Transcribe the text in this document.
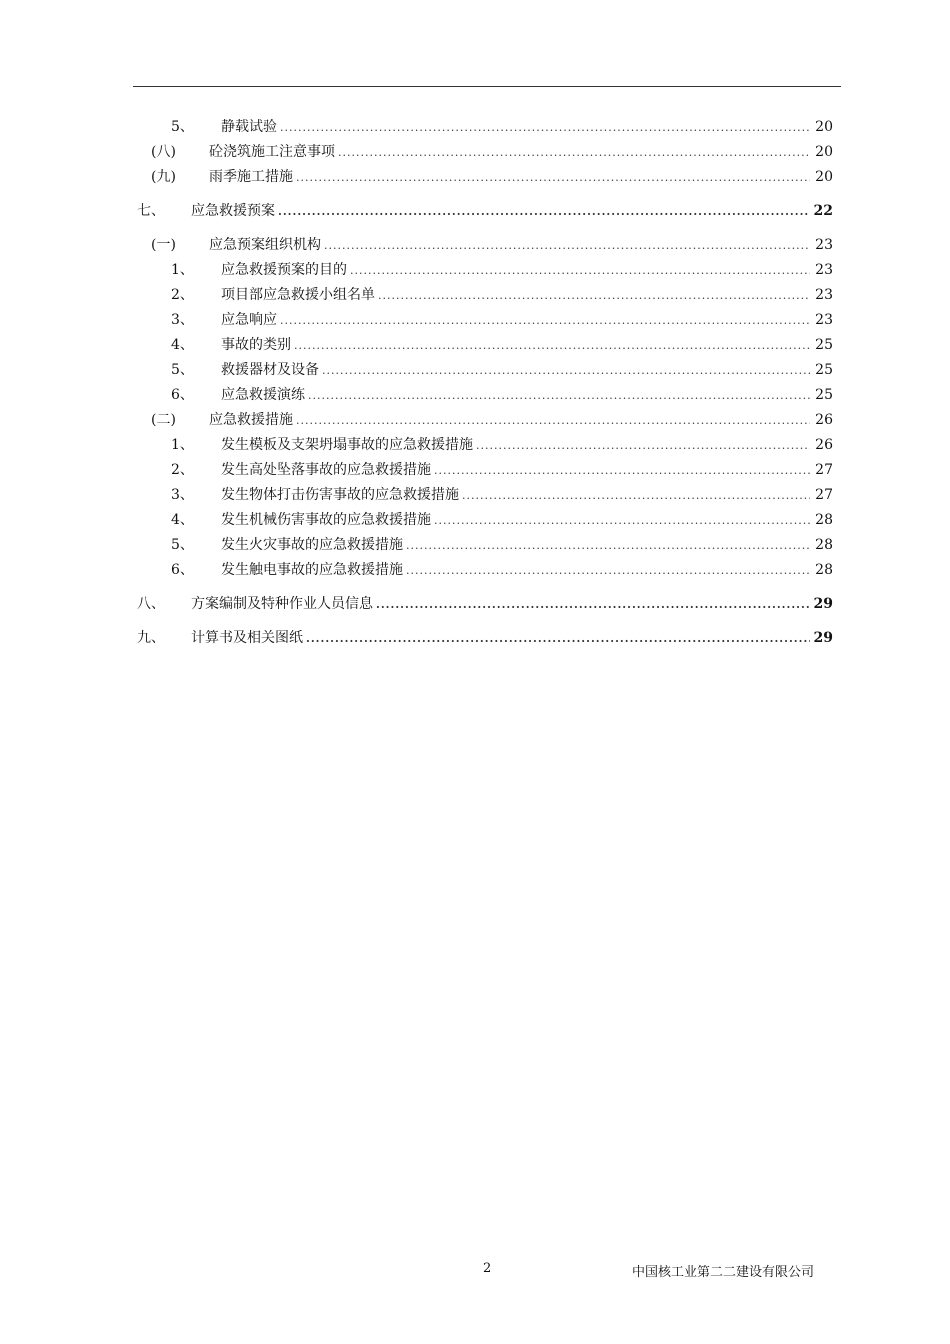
5、	静载试验 .....	20
(八)	砼浇筑施工注意事项 .....	20
(九)	雨季施工措施 .....	20
七、	应急救援预案 .....	22
(一)	应急预案组织机构 .....	23
1、	应急救援预案的目的 .....	23
2、	项目部应急救援小组名单 .....	23
3、	应急响应 .....	23
4、	事故的类别 .....	25
5、	救援器材及设备 .....	25
6、	应急救援演练 .....	25
(二)	应急救援措施 .....	26
1、	发生模板及支架坍塌事故的应急救援措施 .....	26
2、	发生高处坠落事故的应急救援措施 .....	27
3、	发生物体打击伤害事故的应急救援措施 .....	27
4、	发生机械伤害事故的应急救援措施 .....	28
5、	发生火灾事故的应急救援措施 .....	28
6、	发生触电事故的应急救援措施 .....	28
八、	方案编制及特种作业人员信息 .....	29
九、	计算书及相关图纸 .....	29
2	中国核工业第二二建设有限公司
